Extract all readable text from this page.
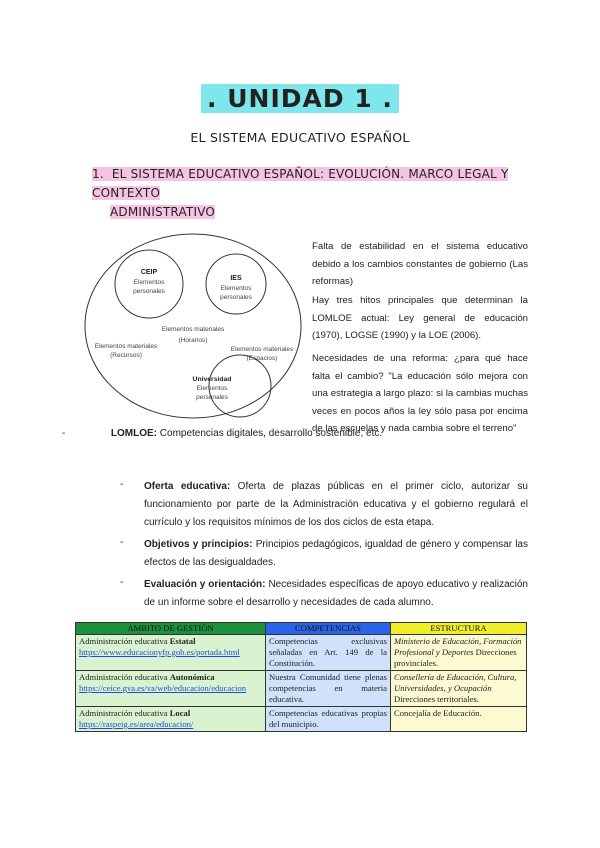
. UNIDAD 1 .
EL SISTEMA EDUCATIVO ESPAÑOL
1. EL SISTEMA EDUCATIVO ESPAÑOL: EVOLUCIÓN. MARCO LEGAL Y CONTEXTO
ADMINISTRATIVO
CEIP
Elementos
personales
IES
Elementos
personales
Elementos materiales
(Horarios)
Elementos materiales
(Recursos)
Elementos materiales
(Espacios)
Universidad
Elementos
personales
Falta de estabilidad en el sistema educativo debido a los cambios constantes de gobierno (Las reformas)
Hay tres hitos principales que determinan la LOMLOE actual: Ley general de educación (1970), LOGSE (1990) y la LOE (2006).
Necesidades de una reforma: ¿para qué hace falta el cambio? "La educación sólo mejora con una estrategia a largo plazo: si la cambias muchas veces en pocos años la ley sólo pasa por encima de las escuelas y nada cambia sobre el terreno"
-	LOMLOE: Competencias digitales, desarrollo sostenible, etc.
- Oferta educativa: Oferta de plazas públicas en el primer ciclo, autorizar su funcionamiento por parte de la Administración educativa y el gobierno regulará el currículo y los requisitos mínimos de los dos ciclos de esta etapa.
- Objetivos y principios: Principios pedagógicos, igualdad de género y compensar las efectos de las desigualdades.
- Evaluación y orientación: Necesidades específicas de apoyo educativo y realización de un informe sobre el desarrollo y necesidades de cada alumno.
ÁMBITO DE GESTIÓN	COMPETENCIAS	ESTRUCTURA
Administración educativa Estatal
https://www.educacionyfp.gob.es/portada.html	Competencias exclusivas señaladas en Art. 149 de la Constitución.	Ministerio de Educación, Formación Profesional y Deportes Direcciones provinciales.
Administración educativa Autonómica
https://ceice.gva.es/va/web/educacion/educacion	Nuestra Comunidad tiene plenas competencias en materia educativa.	Consellería de Educación, Cultura, Universidades, y Ocupación Direcciones territoriales.
Administración educativa Local
https://raspeig.es/area/educacion/	Competencias educativas propias del municipio.	Concejalía de Educación.
